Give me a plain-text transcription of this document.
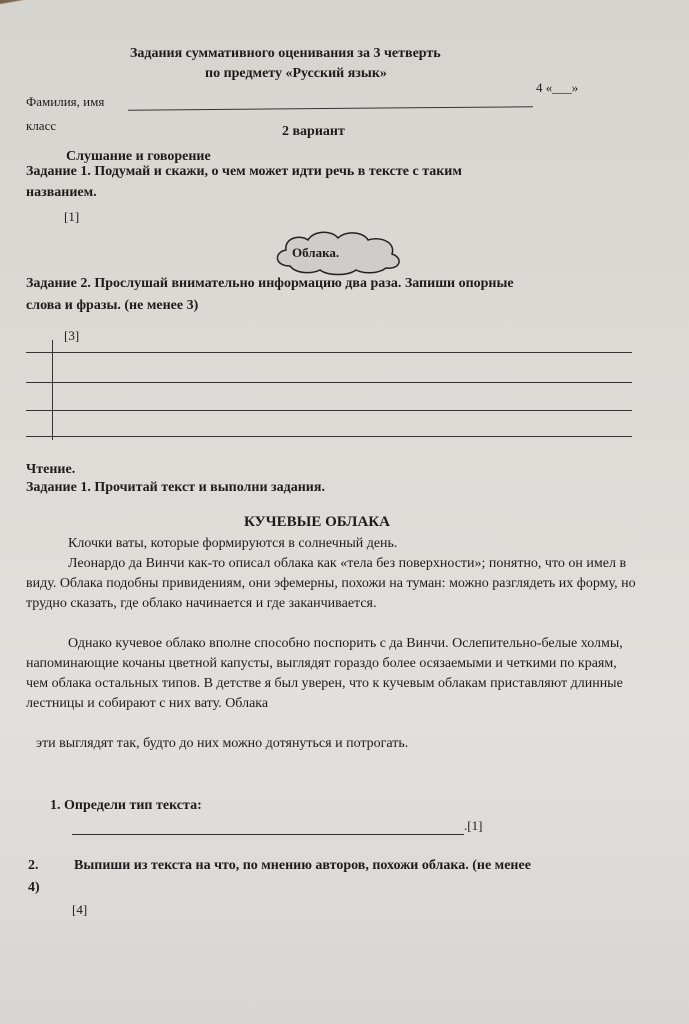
Задания суммативного оценивания за 3 четверть
по предмету «Русский язык»
Фамилия, имя
4 «___»
класс	2 вариант
Слушание и говорение
Задание 1. Подумай и скажи, о чем может идти речь в тексте с таким
названием.
[1]
Облака.
Задание 2. Прослушай внимательно информацию два раза. Запиши опорные
слова и фразы. (не менее 3)
[3]
Чтение.
Задание 1. Прочитай текст и выполни задания.
КУЧЕВЫЕ ОБЛАКА
Клочки ваты, которые формируются в солнечный день.
Леонардо да Винчи как-то описал облака как «тела без поверхности»; понятно, что он имел в виду. Облака подобны привидениям, они эфемерны, похожи на туман: можно разглядеть их форму, но трудно сказать, где облако начинается и где заканчивается.
Однако кучевое облако вполне способно поспорить с да Винчи. Ослепительно-белые холмы, напоминающие кочаны цветной капусты, выглядят гораздо более осязаемыми и четкими по краям, чем облака остальных типов. В детстве я был уверен, что к кучевым облакам приставляют длинные лестницы и собирают с них вату. Облака
эти выглядят так, будто до них можно дотянуться и потрогать.
1. Определи тип текста:
.[1]
2.	Выпиши из текста на что, по мнению авторов, похожи облака. (не менее
4)
[4]
